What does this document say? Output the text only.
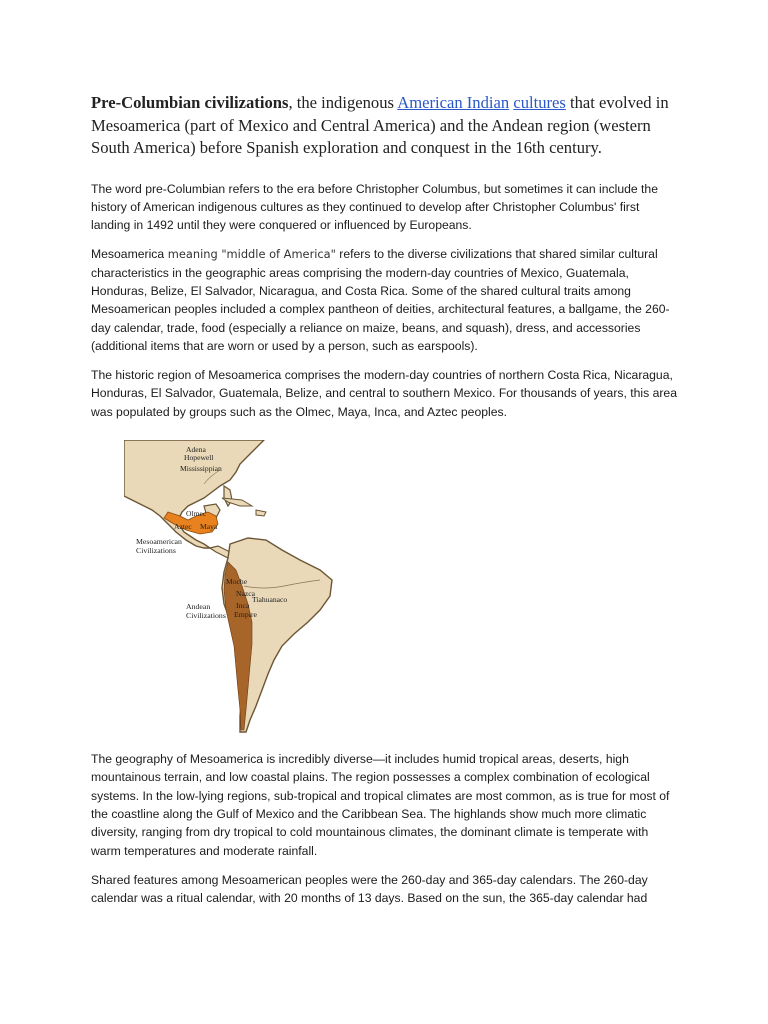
Pre-Columbian civilizations, the indigenous American Indian cultures that evolved in Mesoamerica (part of Mexico and Central America) and the Andean region (western South America) before Spanish exploration and conquest in the 16th century.

The word pre-Columbian refers to the era before Christopher Columbus, but sometimes it can include the history of American indigenous cultures as they continued to develop after Christopher Columbus' first landing in 1492 until they were conquered or influenced by Europeans.

Mesoamerica meaning "middle of America" refers to the diverse civilizations that shared similar cultural characteristics in the geographic areas comprising the modern-day countries of Mexico, Guatemala, Honduras, Belize, El Salvador, Nicaragua, and Costa Rica. Some of the shared cultural traits among Mesoamerican peoples included a complex pantheon of deities, architectural features, a ballgame, the 260-day calendar, trade, food (especially a reliance on maize, beans, and squash), dress, and accessories (additional items that are worn or used by a person, such as earspools).

The historic region of Mesoamerica comprises the modern-day countries of northern Costa Rica, Nicaragua, Honduras, El Salvador, Guatemala, Belize, and central to southern Mexico. For thousands of years, this area was populated by groups such as the Olmec, Maya, Inca, and Aztec peoples.

Adena
Hopewell
Mississippian
Olmec
Aztec Maya
Mesoamerican
Civilizations
Moche
Nazca
Tiahuanaco
Inca
Empire
Andean
Civilizations

The geography of Mesoamerica is incredibly diverse—it includes humid tropical areas, deserts, high mountainous terrain, and low coastal plains. The region possesses a complex combination of ecological systems. In the low-lying regions, sub-tropical and tropical climates are most common, as is true for most of the coastline along the Gulf of Mexico and the Caribbean Sea. The highlands show much more climatic diversity, ranging from dry tropical to cold mountainous climates, the dominant climate is temperate with warm temperatures and moderate rainfall.

Shared features among Mesoamerican peoples were the 260-day and 365-day calendars. The 260-day calendar was a ritual calendar, with 20 months of 13 days. Based on the sun, the 365-day calendar had
